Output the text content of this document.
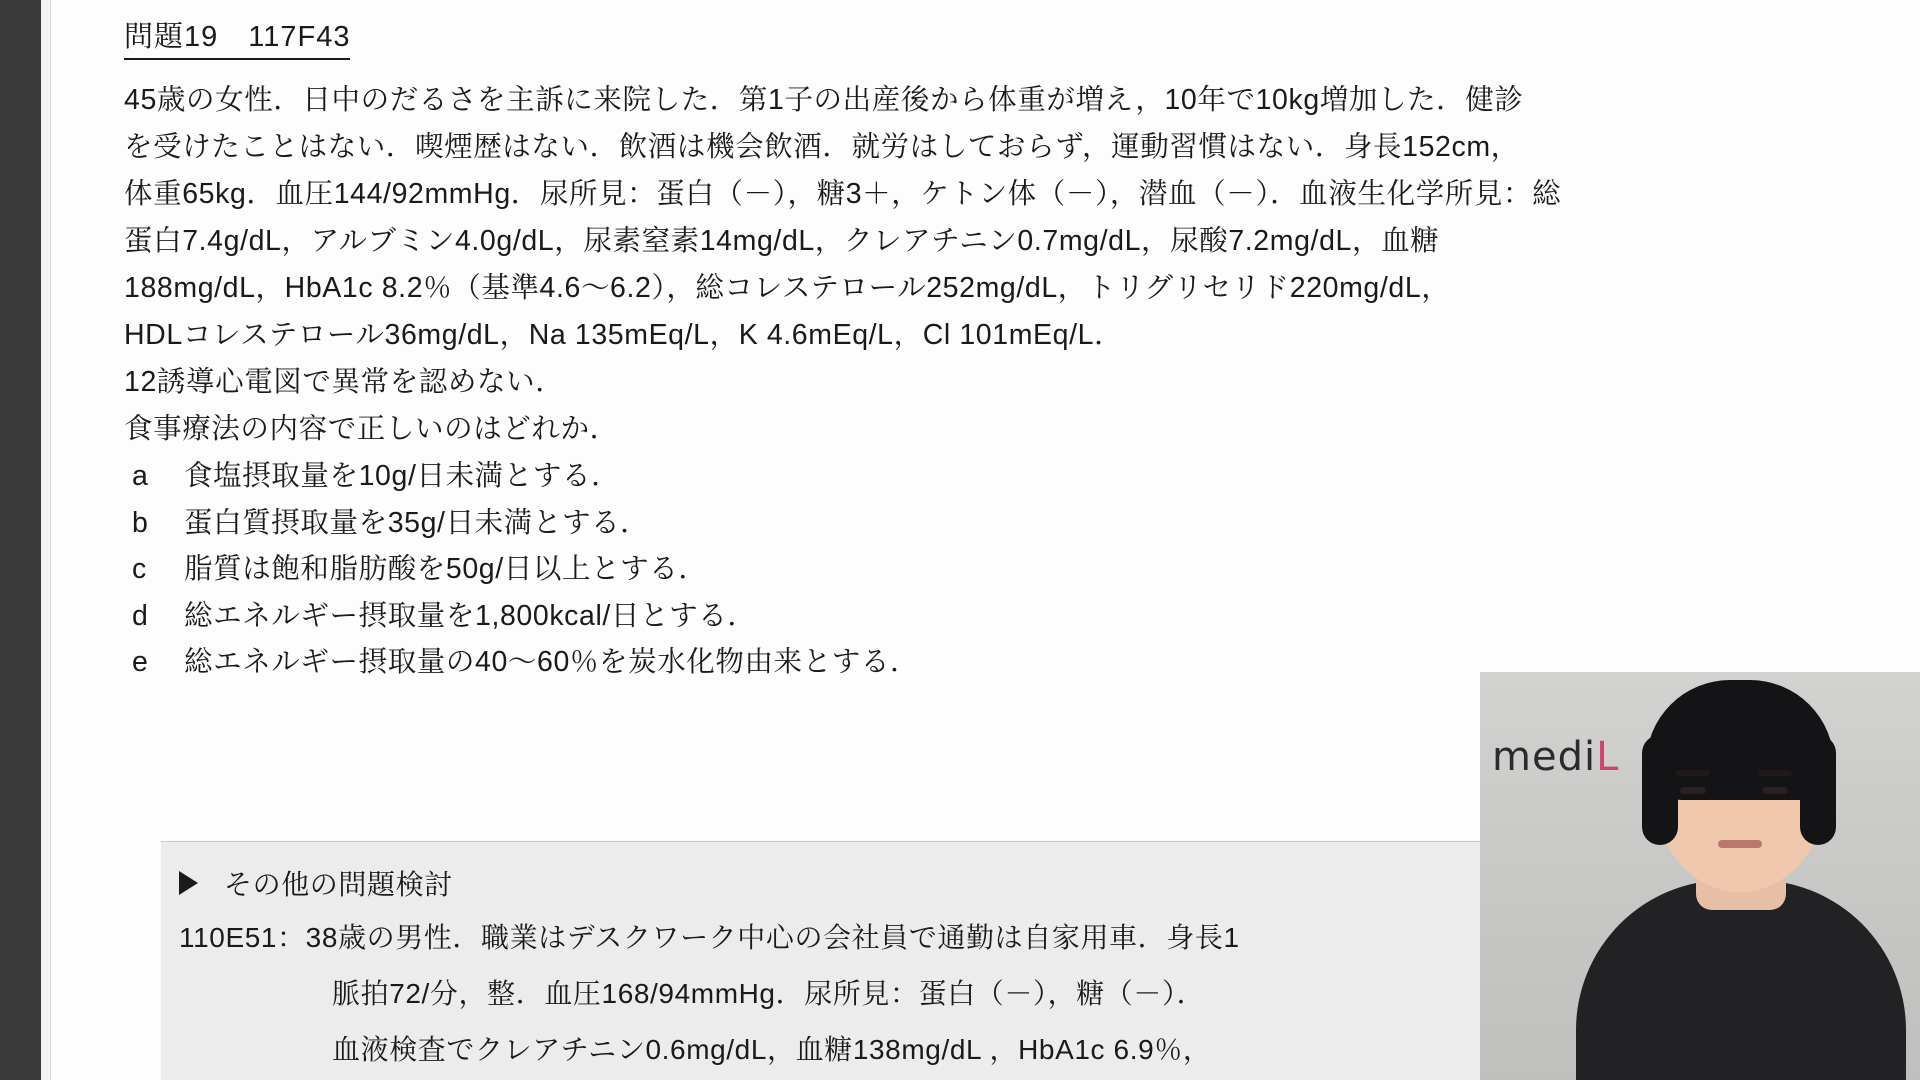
問題19　117F43

45歳の女性．日中のだるさを主訴に来院した．第1子の出産後から体重が増え，10年で10kg増加した．健診

を受けたことはない．喫煙歴はない．飲酒は機会飲酒．就労はしておらず，運動習慣はない．身長152cm，

体重65kg．血圧144/92mmHg．尿所見：蛋白（－），糖3＋，ケトン体（－），潜血（－）．血液生化学所見：総

蛋白7.4g/dL，アルブミン4.0g/dL，尿素窒素14mg/dL，クレアチニン0.7mg/dL，尿酸7.2mg/dL，血糖

188mg/dL，HbA1c 8.2％（基準4.6〜6.2），総コレステロール252mg/dL，トリグリセリド220mg/dL，

HDLコレステロール36mg/dL，Na 135mEq/L，K 4.6mEq/L，Cl 101mEq/L．

12誘導心電図で異常を認めない．

食事療法の内容で正しいのはどれか．
a	食塩摂取量を10g/日未満とする．
b	蛋白質摂取量を35g/日未満とする．
c	脂質は飽和脂肪酸を50g/日以上とする．
d	総エネルギー摂取量を1,800kcal/日とする．
e	総エネルギー摂取量の40〜60％を炭水化物由来とする．
その他の問題検討
110E51：38歳の男性．職業はデスクワーク中心の会社員で通勤は自家用車．身長1
脈拍72/分，整．血圧168/94mmHg．尿所見：蛋白（－），糖（－）．
血液検査でクレアチニン0.6mg/dL，血糖138mg/dL ，HbA1c 6.9％，
mediL
